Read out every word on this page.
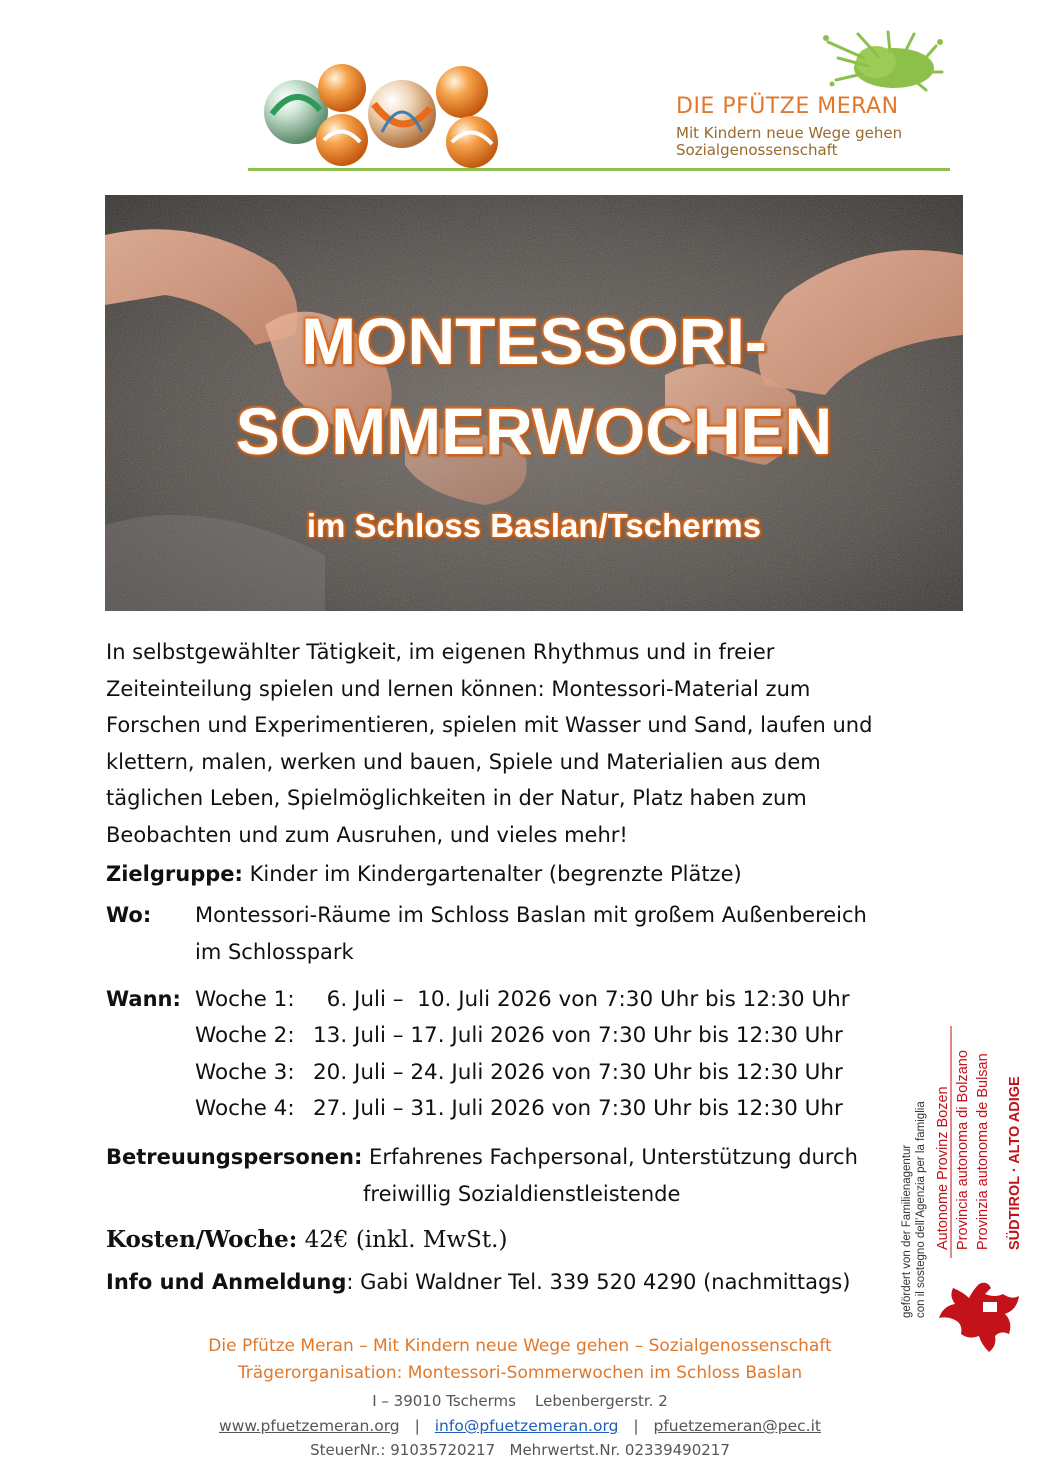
DIE PFÜTZE MERAN
Mit Kindern neue Wege gehen
Sozialgenossenschaft
MONTESSORI-
SOMMERWOCHEN
im Schloss Baslan/Tscherms
In selbstgewählter Tätigkeit, im eigenen Rhythmus und in freier
Zeiteinteilung spielen und lernen können: Montessori-Material zum
Forschen und Experimentieren, spielen mit Wasser und Sand, laufen und
klettern, malen, werken und bauen, Spiele und Materialien aus dem
täglichen Leben, Spielmöglichkeiten in der Natur, Platz haben zum
Beobachten und zum Ausruhen, und vieles mehr!
Zielgruppe: Kinder im Kindergartenalter (begrenzte Plätze)
Wo: Montessori-Räume im Schloss Baslan mit großem Außenbereich
im Schlosspark
Wann: Woche 1:  6. Juli –  10. Juli 2026 von 7:30 Uhr bis 12:30 Uhr
Woche 2: 13. Juli – 17. Juli 2026 von 7:30 Uhr bis 12:30 Uhr
Woche 3: 20. Juli – 24. Juli 2026 von 7:30 Uhr bis 12:30 Uhr
Woche 4: 27. Juli – 31. Juli 2026 von 7:30 Uhr bis 12:30 Uhr
Betreuungspersonen: Erfahrenes Fachpersonal, Unterstützung durch
freiwillig Sozialdienstleistende
Kosten/Woche: 42€ (inkl. MwSt.)
Info und Anmeldung: Gabi Waldner Tel. 339 520 4290 (nachmittags)	gefördert von der Familienagentur con il sostegno dell’Agenzia per la famiglia Autonome Provinz Bozen Provincia autonoma di Bolzano Provinzia autonoma de Bulsan SÜDTIROL · ALTO ADIGE
Die Pfütze Meran – Mit Kindern neue Wege gehen – Sozialgenossenschaft
Trägerorganisation: Montessori-Sommerwochen im Schloss Baslan
I – 39010 Tscherms    Lebenbergerstr. 2
www.pfuetzemeran.org | info@pfuetzemeran.org | pfuetzemeran@pec.it
SteuerNr.: 91035720217   Mehrwertst.Nr. 02339490217
